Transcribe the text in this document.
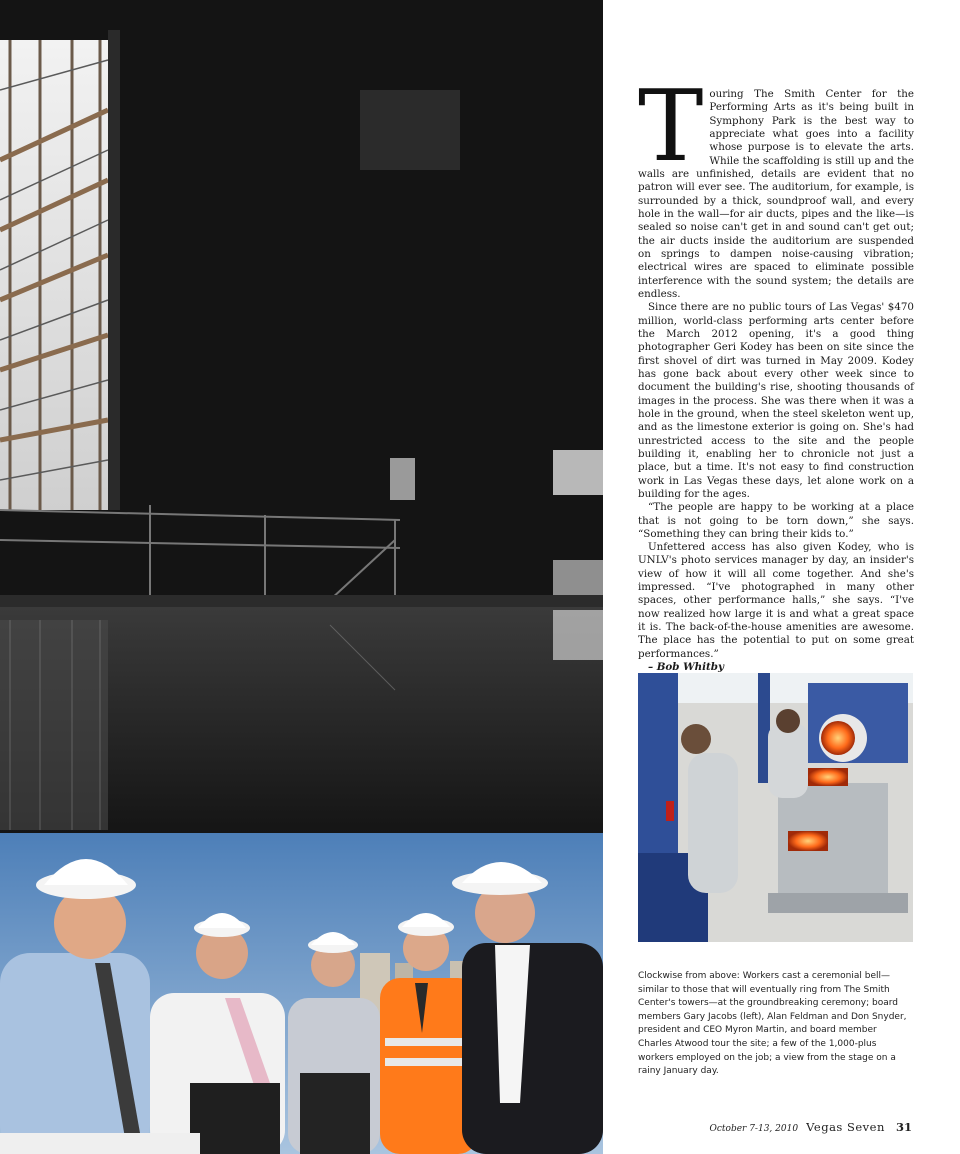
T ouring The Smith Center for the Performing Arts as it's being built in Symphony Park is the best way to appreciate what goes into a facility whose purpose is to elevate the arts. While the scaffolding is still up and the walls are unfinished, details are evident that no patron will ever see. The auditorium, for example, is surrounded by a thick, soundproof wall, and every hole in the wall—for air ducts, pipes and the like—is sealed so noise can't get in and sound can't get out; the air ducts inside the auditorium are suspended on springs to dampen noise-causing vibration; electrical wires are spaced to eliminate possible interference with the sound system; the details are endless.

Since there are no public tours of Las Vegas' $470 million, world-class performing arts center before the March 2012 opening, it's a good thing photographer Geri Kodey has been on site since the first shovel of dirt was turned in May 2009. Kodey has gone back about every other week since to document the building's rise, shooting thousands of images in the process. She was there when it was a hole in the ground, when the steel skeleton went up, and as the limestone exterior is going on. She's had unrestricted access to the site and the people building it, enabling her to chronicle not just a place, but a time. It's not easy to find construction work in Las Vegas these days, let alone work on a building for the ages.

“The people are happy to be working at a place that is not going to be torn down,” she says. “Something they can bring their kids to.”

Unfettered access has also given Kodey, who is UNLV's photo services manager by day, an insider's view of how it will all come together. And she's impressed. “I've photographed in many other spaces, other performance halls,” she says. “I've now realized how large it is and what a great space it is. The back-of-the-house amenities are awesome. The place has the potential to put on some great performances.”

– Bob Whitby

Clockwise from above: Workers cast a ceremonial bell—similar to those that will eventually ring from The Smith Center's towers—at the groundbreaking ceremony; board members Gary Jacobs (left), Alan Feldman and Don Snyder, president and CEO Myron Martin, and board member Charles Atwood tour the site; a few of the 1,000-plus workers employed on the job; a view from the stage on a rainy January day.
October 7-13, 2010 Vegas Seven 31
